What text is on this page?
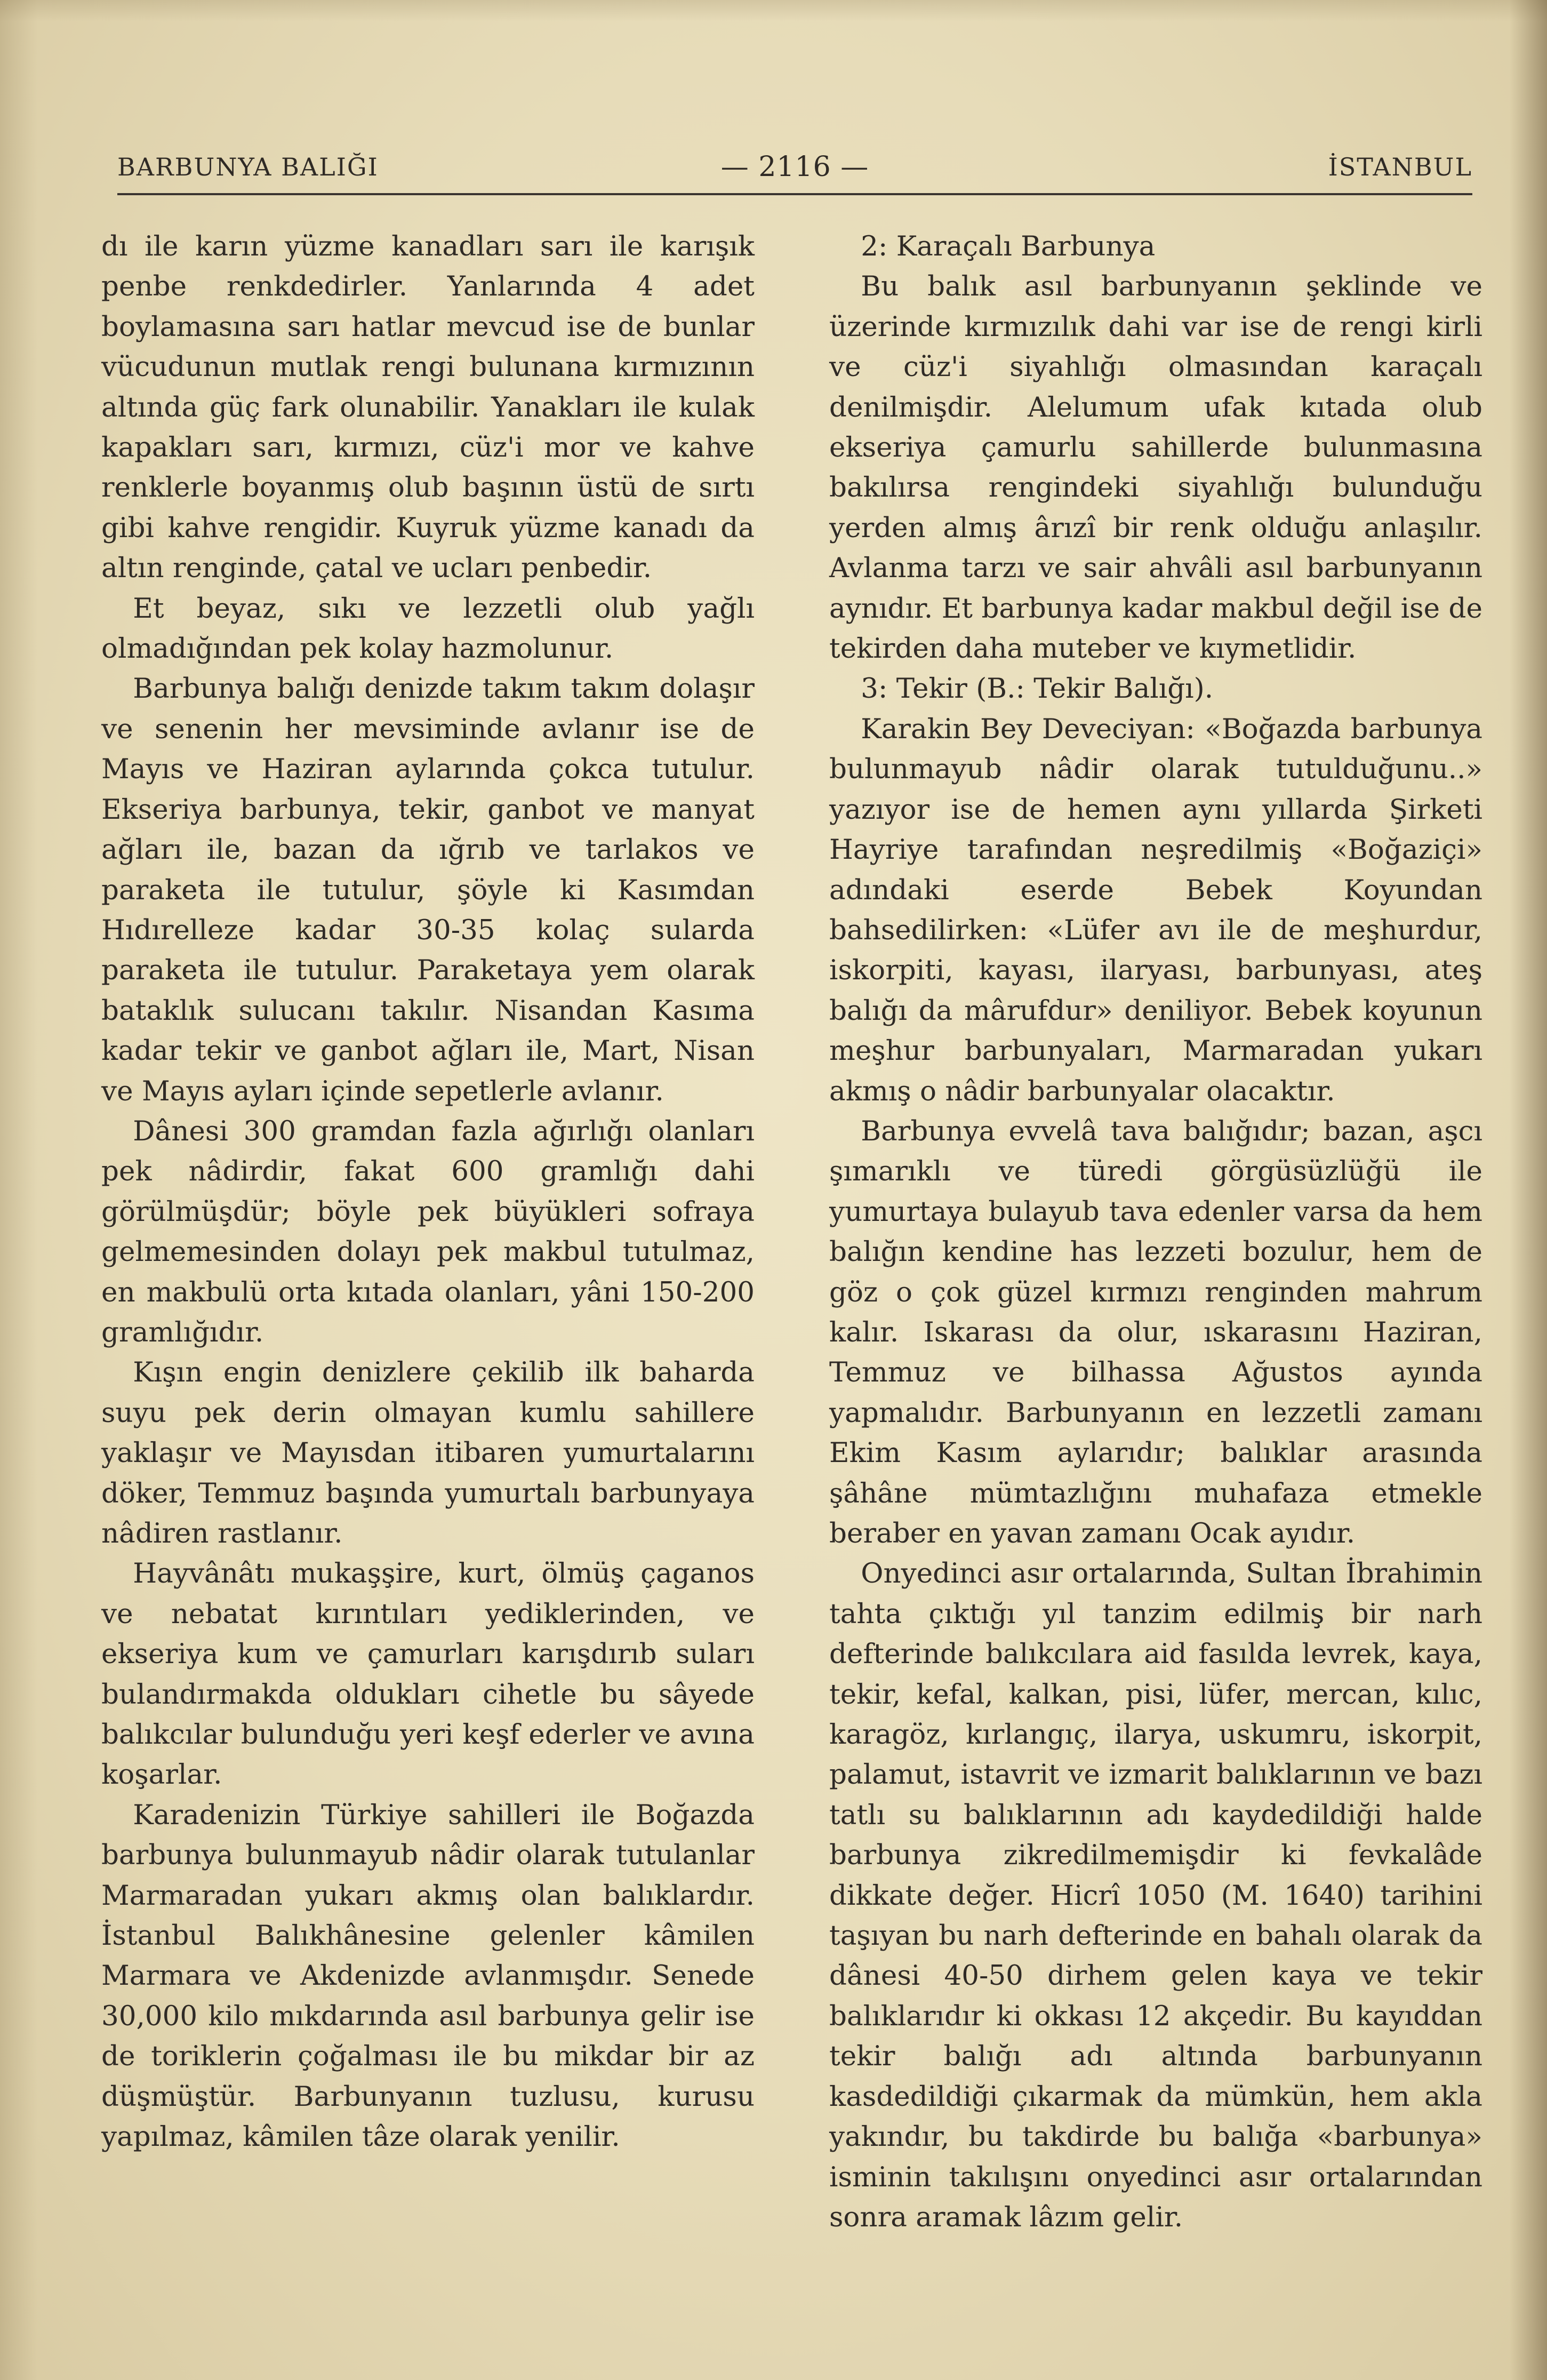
BARBUNYA BALIĞI	— 2116 —	İSTANBUL

dı ile karın yüzme kanadları sarı ile karışık penbe renkdedirler. Yanlarında 4 adet boylamasına sarı hatlar mevcud ise de bunlar vücudunun mutlak rengi bulunana kırmızının altında güç fark olunabilir. Yanakları ile kulak kapakları sarı, kırmızı, cüz'i mor ve kahve renklerle boyanmış olub başının üstü de sırtı gibi kahve rengidir. Kuyruk yüzme kanadı da altın renginde, çatal ve ucları penbedir.

Et beyaz, sıkı ve lezzetli olub yağlı olmadığından pek kolay hazmolunur.

Barbunya balığı denizde takım takım dolaşır ve senenin her mevsiminde avlanır ise de Mayıs ve Haziran aylarında çokca tutulur. Ekseriya barbunya, tekir, ganbot ve manyat ağları ile, bazan da ığrıb ve tarlakos ve paraketa ile tutulur, şöyle ki Kasımdan Hıdırelleze kadar 30-35 kolaç sularda paraketa ile tutulur. Paraketaya yem olarak bataklık sulucanı takılır. Nisandan Kasıma kadar tekir ve ganbot ağları ile, Mart, Nisan ve Mayıs ayları içinde sepetlerle avlanır.

Dânesi 300 gramdan fazla ağırlığı olanları pek nâdirdir, fakat 600 gramlığı dahi görülmüşdür; böyle pek büyükleri sofraya gelmemesinden dolayı pek makbul tutulmaz, en makbulü orta kıtada olanları, yâni 150-200 gramlığıdır.

Kışın engin denizlere çekilib ilk baharda suyu pek derin olmayan kumlu sahillere yaklaşır ve Mayısdan itibaren yumurtalarını döker, Temmuz başında yumurtalı barbunyaya nâdiren rastlanır.

Hayvânâtı mukaşşire, kurt, ölmüş çaganos ve nebatat kırıntıları yediklerinden, ve ekseriya kum ve çamurları karışdırıb suları bulandırmakda oldukları cihetle bu sâyede balıkcılar bulunduğu yeri keşf ederler ve avına koşarlar.

Karadenizin Türkiye sahilleri ile Boğazda barbunya bulunmayub nâdir olarak tutulanlar Marmaradan yukarı akmış olan balıklardır. İstanbul Balıkhânesine gelenler kâmilen Marmara ve Akdenizde avlanmışdır. Senede 30,000 kilo mıkdarında asıl barbunya gelir ise de toriklerin çoğalması ile bu mikdar bir az düşmüştür. Barbunyanın tuzlusu, kurusu yapılmaz, kâmilen tâze olarak yenilir.

2: Karaçalı Barbunya

Bu balık asıl barbunyanın şeklinde ve üzerinde kırmızılık dahi var ise de rengi kirli ve cüz'i siyahlığı olmasından karaçalı denilmişdir. Alelumum ufak kıtada olub ekseriya çamurlu sahillerde bulunmasına bakılırsa rengindeki siyahlığı bulunduğu yerden almış ârızî bir renk olduğu anlaşılır. Avlanma tarzı ve sair ahvâli asıl barbunyanın aynıdır. Et barbunya kadar makbul değil ise de tekirden daha muteber ve kıymetlidir.

3: Tekir (B.: Tekir Balığı).

Karakin Bey Deveciyan: «Boğazda barbunya bulunmayub nâdir olarak tutulduğunu..» yazıyor ise de hemen aynı yıllarda Şirketi Hayriye tarafından neşredilmiş «Boğaziçi» adındaki eserde Bebek Koyundan bahsedilirken: «Lüfer avı ile de meşhurdur, iskorpiti, kayası, ilaryası, barbunyası, ateş balığı da mârufdur» deniliyor. Bebek koyunun meşhur barbunyaları, Marmaradan yukarı akmış o nâdir barbunyalar olacaktır.

Barbunya evvelâ tava balığıdır; bazan, aşcı şımarıklı ve türedi görgüsüzlüğü ile yumurtaya bulayub tava edenler varsa da hem balığın kendine has lezzeti bozulur, hem de göz o çok güzel kırmızı renginden mahrum kalır. Iskarası da olur, ıskarasını Haziran, Temmuz ve bilhassa Ağustos ayında yapmalıdır. Barbunyanın en lezzetli zamanı Ekim Kasım aylarıdır; balıklar arasında şâhâne mümtazlığını muhafaza etmekle beraber en yavan zamanı Ocak ayıdır.

Onyedinci asır ortalarında, Sultan İbrahimin tahta çıktığı yıl tanzim edilmiş bir narh defterinde balıkcılara aid fasılda levrek, kaya, tekir, kefal, kalkan, pisi, lüfer, mercan, kılıc, karagöz, kırlangıç, ilarya, uskumru, iskorpit, palamut, istavrit ve izmarit balıklarının ve bazı tatlı su balıklarının adı kaydedildiği halde barbunya zikredilmemişdir ki fevkalâde dikkate değer. Hicrî 1050 (M. 1640) tarihini taşıyan bu narh defterinde en bahalı olarak da dânesi 40-50 dirhem gelen kaya ve tekir balıklarıdır ki okkası 12 akçedir. Bu kayıddan tekir balığı adı altında barbunyanın kasdedildiği çıkarmak da mümkün, hem akla yakındır, bu takdirde bu balığa «barbunya» isminin takılışını onyedinci asır ortalarından sonra aramak lâzım gelir.
